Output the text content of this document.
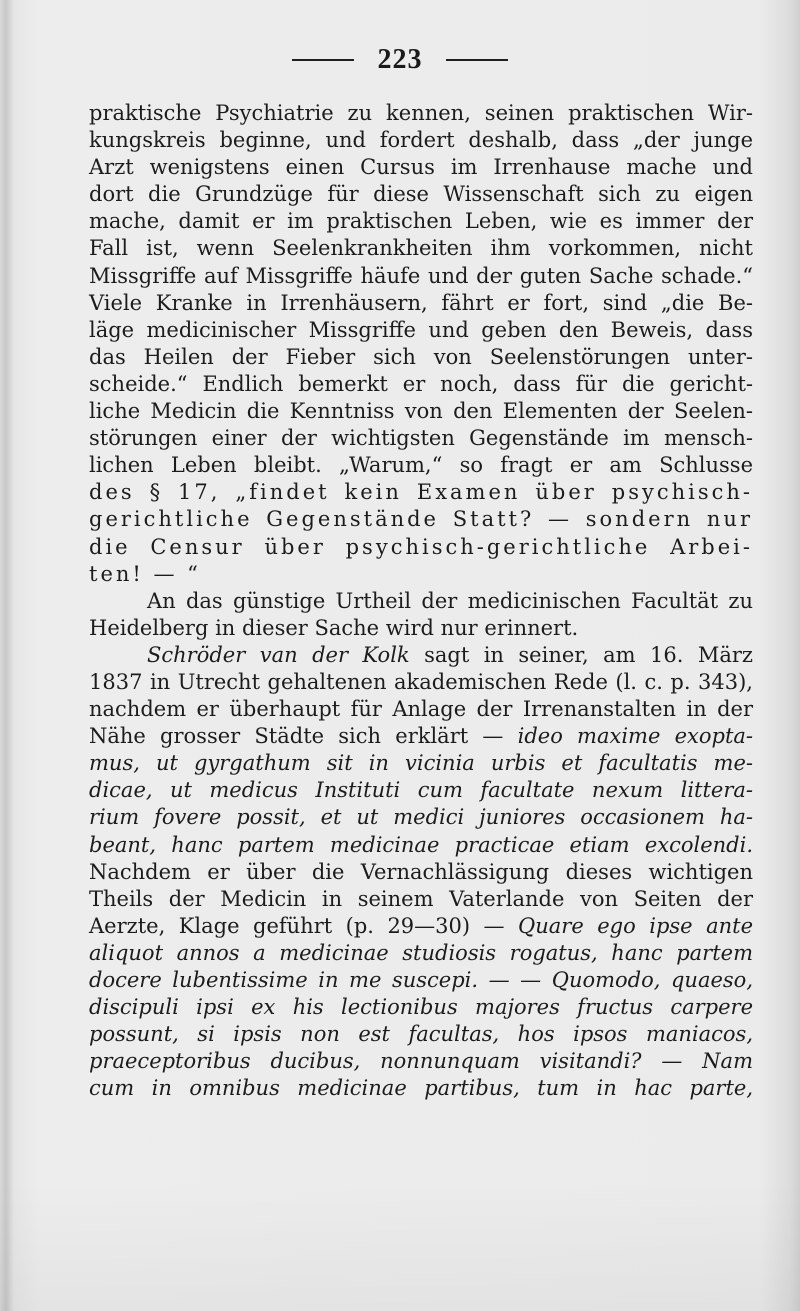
223
praktische Psychiatrie zu kennen, seinen praktischen Wir-
kungskreis beginne, und fordert deshalb, dass „der junge
Arzt wenigstens einen Cursus im Irrenhause mache und
dort die Grundzüge für diese Wissenschaft sich zu eigen
mache, damit er im praktischen Leben, wie es immer der
Fall ist, wenn Seelenkrankheiten ihm vorkommen, nicht
Missgriffe auf Missgriffe häufe und der guten Sache schade.“
Viele Kranke in Irrenhäusern, fährt er fort, sind „die Be-
läge medicinischer Missgriffe und geben den Beweis, dass
das Heilen der Fieber sich von Seelenstörungen unter-
scheide.“ Endlich bemerkt er noch, dass für die gericht-
liche Medicin die Kenntniss von den Elementen der Seelen-
störungen einer der wichtigsten Gegenstände im mensch-
lichen Leben bleibt. „Warum,“ so fragt er am Schlusse
des § 17, „findet kein Examen über psychisch-
gerichtliche Gegenstände Statt? — sondern nur
die Censur über psychisch-gerichtliche Arbei-
ten! — “
An das günstige Urtheil der medicinischen Facultät zu
Heidelberg in dieser Sache wird nur erinnert.
Schröder van der Kolk sagt in seiner, am 16. März
1837 in Utrecht gehaltenen akademischen Rede (l. c. p. 343),
nachdem er überhaupt für Anlage der Irrenanstalten in der
Nähe grosser Städte sich erklärt — ideo maxime exopta-
mus, ut gyrgathum sit in vicinia urbis et facultatis me-
dicae, ut medicus Instituti cum facultate nexum littera-
rium fovere possit, et ut medici juniores occasionem ha-
beant, hanc partem medicinae practicae etiam excolendi.
Nachdem er über die Vernachlässigung dieses wichtigen
Theils der Medicin in seinem Vaterlande von Seiten der
Aerzte, Klage geführt (p. 29—30) — Quare ego ipse ante
aliquot annos a medicinae studiosis rogatus, hanc partem
docere lubentissime in me suscepi. — — Quomodo, quaeso,
discipuli ipsi ex his lectionibus majores fructus carpere
possunt, si ipsis non est facultas, hos ipsos maniacos,
praeceptoribus ducibus, nonnunquam visitandi? — Nam
cum in omnibus medicinae partibus, tum in hac parte,
